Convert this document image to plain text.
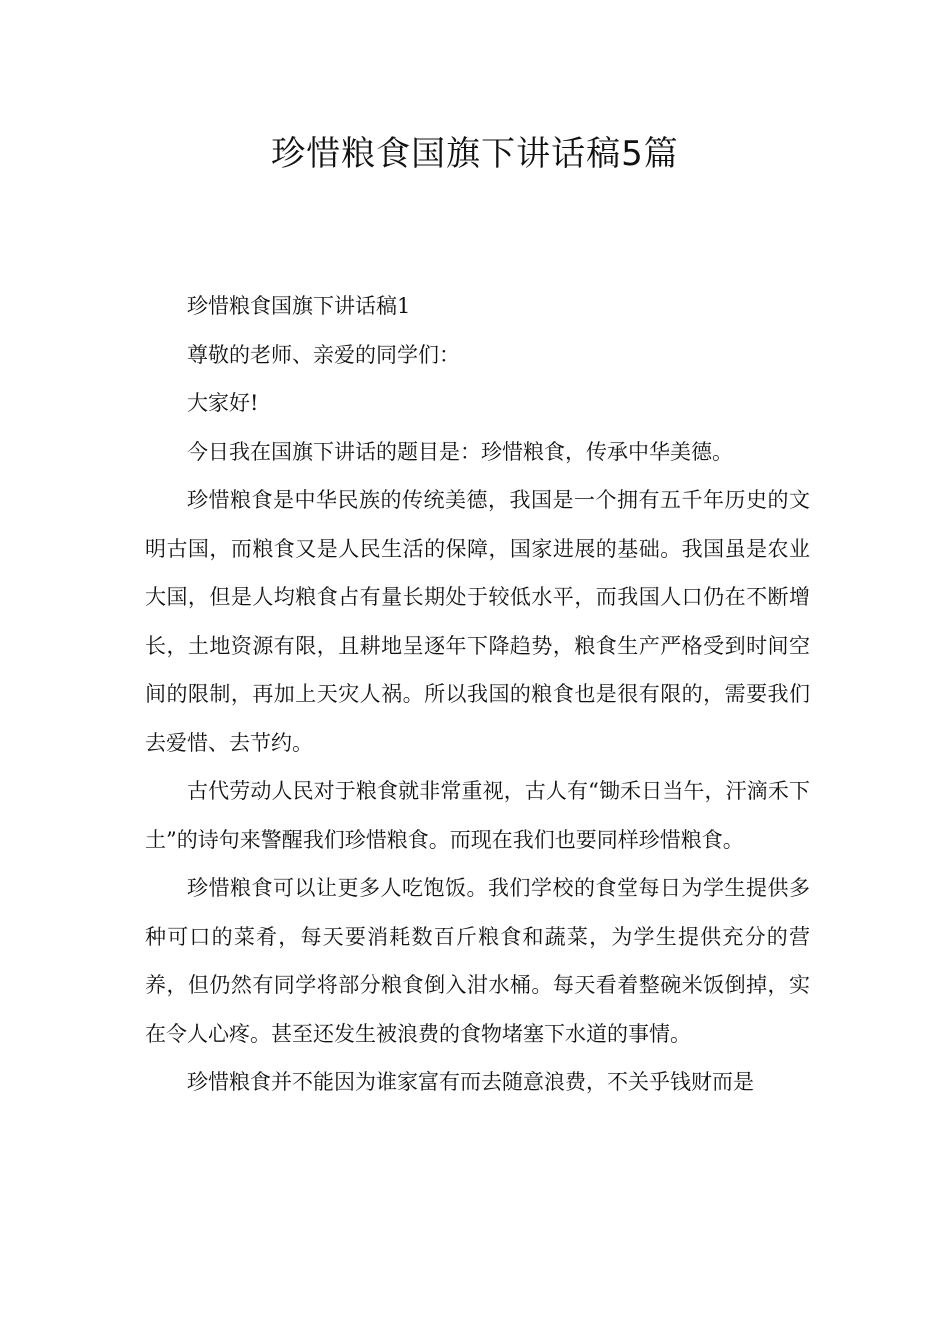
珍惜粮食国旗下讲话稿5篇

珍惜粮食国旗下讲话稿1

尊敬的老师、亲爱的同学们：

大家好!

今日我在国旗下讲话的题目是：珍惜粮食，传承中华美德。

珍惜粮食是中华民族的传统美德，我国是一个拥有五千年历史的文明古国，而粮食又是人民生活的保障，国家进展的基础。我国虽是农业大国，但是人均粮食占有量长期处于较低水平，而我国人口仍在不断增长，土地资源有限，且耕地呈逐年下降趋势，粮食生产严格受到时间空间的限制，再加上天灾人祸。所以我国的粮食也是很有限的，需要我们去爱惜、去节约。

古代劳动人民对于粮食就非常重视，古人有“锄禾日当午，汗滴禾下土”的诗句来警醒我们珍惜粮食。而现在我们也要同样珍惜粮食。

珍惜粮食可以让更多人吃饱饭。我们学校的食堂每日为学生提供多种可口的菜肴，每天要消耗数百斤粮食和蔬菜，为学生提供充分的营养，但仍然有同学将部分粮食倒入泔水桶。每天看着整碗米饭倒掉，实在令人心疼。甚至还发生被浪费的食物堵塞下水道的事情。

珍惜粮食并不能因为谁家富有而去随意浪费，不关乎钱财而是
